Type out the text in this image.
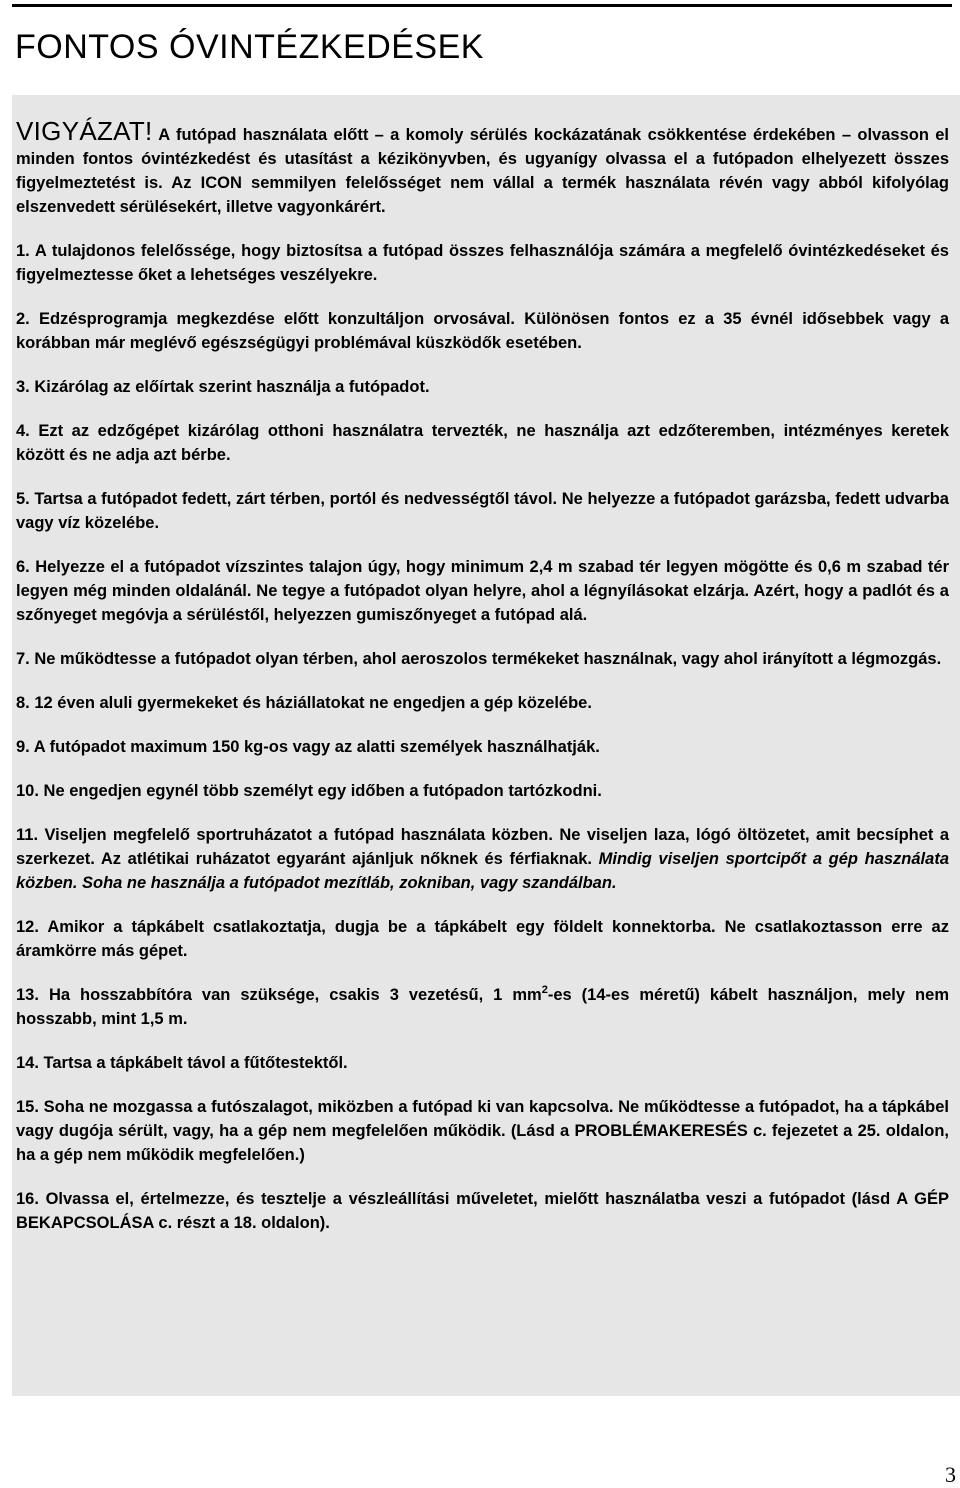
FONTOS ÓVINTÉZKEDÉSEK

VIGYÁZAT! A futópad használata előtt – a komoly sérülés kockázatának csökkentése érdekében – olvasson el minden fontos óvintézkedést és utasítást a kézikönyvben, és ugyanígy olvassa el a futópadon elhelyezett összes figyelmeztetést is. Az ICON semmilyen felelősséget nem vállal a termék használata révén vagy abból kifolyólag elszenvedett sérülésekért, illetve vagyonkárért.

1. A tulajdonos felelőssége, hogy biztosítsa a futópad összes felhasználója számára a megfelelő óvintézkedéseket és figyelmeztesse őket a lehetséges veszélyekre.

2. Edzésprogramja megkezdése előtt konzultáljon orvosával. Különösen fontos ez a 35 évnél idősebbek vagy a korábban már meglévő egészségügyi problémával küszködők esetében.

3. Kizárólag az előírtak szerint használja a futópadot.

4. Ezt az edzőgépet kizárólag otthoni használatra tervezték, ne használja azt edzőteremben, intézményes keretek között és ne adja azt bérbe.

5. Tartsa a futópadot fedett, zárt térben, portól és nedvességtől távol. Ne helyezze a futópadot garázsba, fedett udvarba vagy víz közelébe.

6. Helyezze el a futópadot vízszintes talajon úgy, hogy minimum 2,4 m szabad tér legyen mögötte és 0,6 m szabad tér legyen még minden oldalánál. Ne tegye a futópadot olyan helyre, ahol a légnyílásokat elzárja. Azért, hogy a padlót és a szőnyeget megóvja a sérüléstől, helyezzen gumiszőnyeget a futópad alá.

7. Ne működtesse a futópadot olyan térben, ahol aeroszolos termékeket használnak, vagy ahol irányított a légmozgás.

8. 12 éven aluli gyermekeket és háziállatokat ne engedjen a gép közelébe.

9. A futópadot maximum 150 kg-os vagy az alatti személyek használhatják.

10. Ne engedjen egynél több személyt egy időben a futópadon tartózkodni.

11. Viseljen megfelelő sportruházatot a futópad használata közben. Ne viseljen laza, lógó öltözetet, amit becsíphet a szerkezet. Az atlétikai ruházatot egyaránt ajánljuk nőknek és férfiaknak. Mindig viseljen sportcipőt a gép használata közben. Soha ne használja a futópadot mezítláb, zokniban, vagy szandálban.

12. Amikor a tápkábelt csatlakoztatja, dugja be a tápkábelt egy földelt konnektorba. Ne csatlakoztasson erre az áramkörre más gépet.

13. Ha hosszabbítóra van szüksége, csakis 3 vezetésű, 1 $mm^2-es$ (14-es méretű) kábelt használjon, mely nem hosszabb, mint 1,5 m.

14. Tartsa a tápkábelt távol a fűtőtestektől.

15. Soha ne mozgassa a futószalagot, miközben a futópad ki van kapcsolva. Ne működtesse a futópadot, ha a tápkábel vagy dugója sérült, vagy, ha a gép nem megfelelően működik. (Lásd a PROBLÉMAKERESÉS c. fejezetet a 25. oldalon, ha a gép nem működik megfelelően.)

16. Olvassa el, értelmezze, és tesztelje a vészleállítási műveletet, mielőtt használatba veszi a futópadot (lásd A GÉP BEKAPCSOLÁSA c. részt a 18. oldalon).

3
